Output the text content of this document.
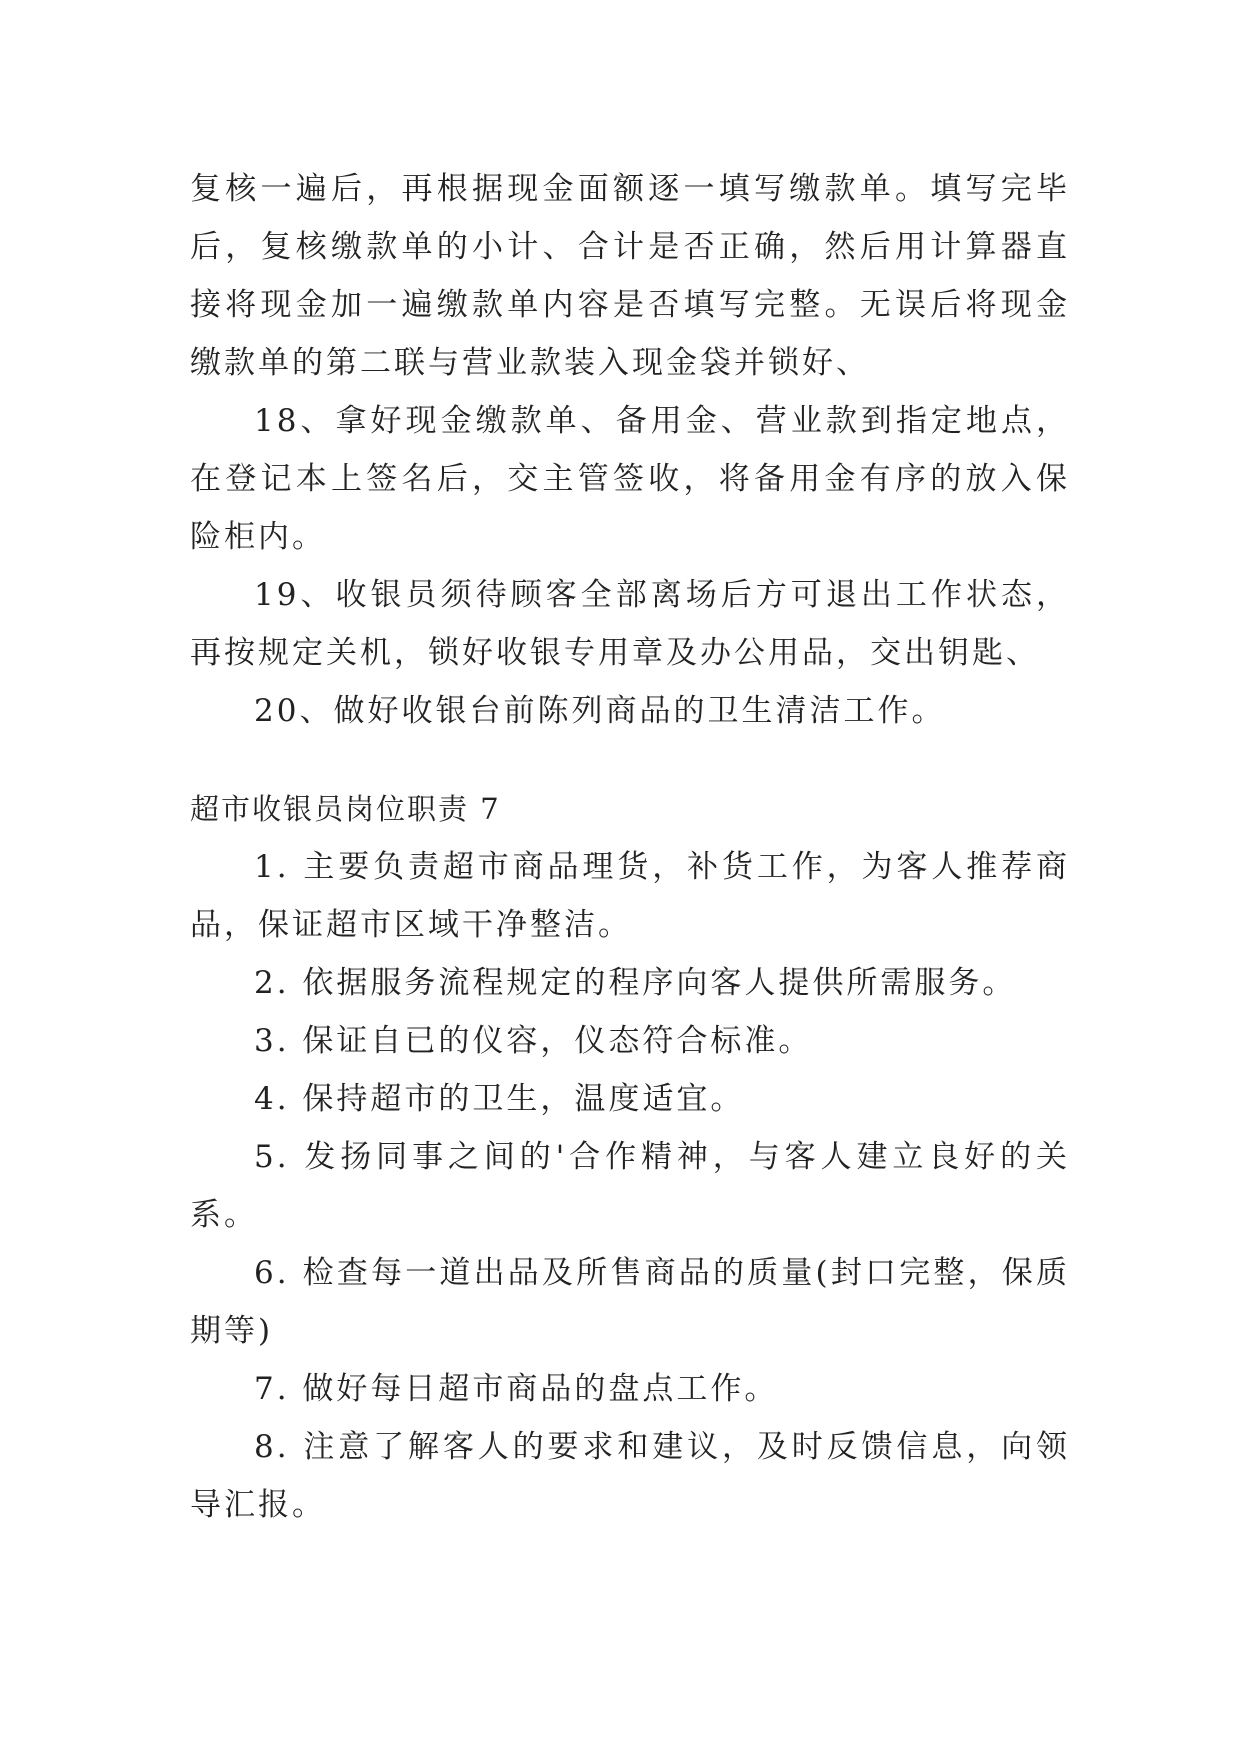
复核一遍后，再根据现金面额逐一填写缴款单。填写完毕后，复核缴款单的小计、合计是否正确，然后用计算器直接将现金加一遍缴款单内容是否填写完整。无误后将现金缴款单的第二联与营业款装入现金袋并锁好、

18、拿好现金缴款单、备用金、营业款到指定地点，在登记本上签名后，交主管签收，将备用金有序的放入保险柜内。

19、收银员须待顾客全部离场后方可退出工作状态，再按规定关机，锁好收银专用章及办公用品，交出钥匙、

20、做好收银台前陈列商品的卫生清洁工作。

超市收银员岗位职责 7

1. 主要负责超市商品理货，补货工作，为客人推荐商品，保证超市区域干净整洁。

2. 依据服务流程规定的程序向客人提供所需服务。

3. 保证自已的仪容，仪态符合标准。

4. 保持超市的卫生，温度适宜。

5. 发扬同事之间的'合作精神，与客人建立良好的关系。

6. 检查每一道出品及所售商品的质量(封口完整，保质期等)

7. 做好每日超市商品的盘点工作。

8. 注意了解客人的要求和建议，及时反馈信息，向领导汇报。
